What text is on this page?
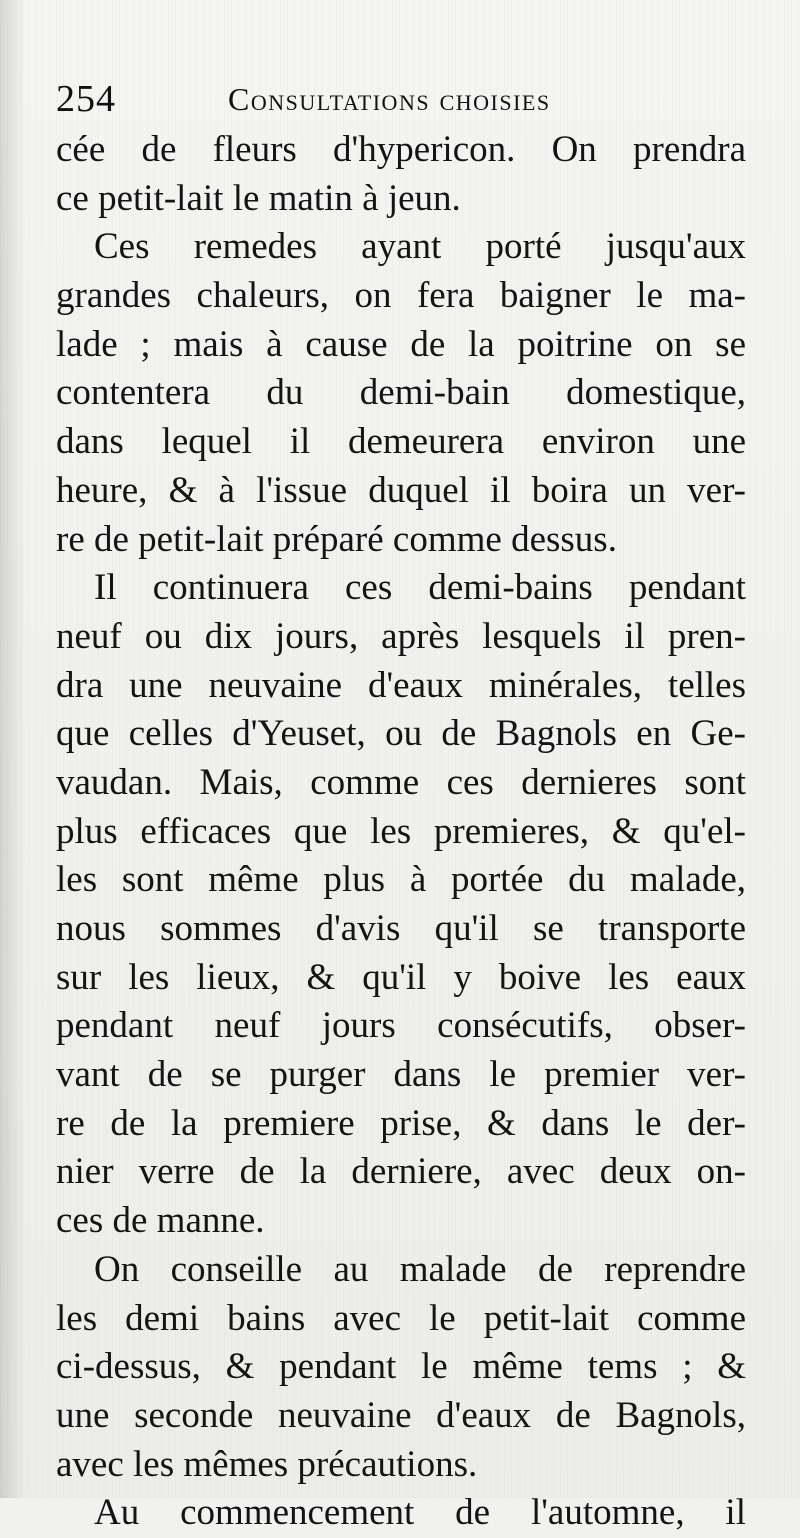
254	Consultations choisies
cée de fleurs d'hypericon. On prendra
ce petit-lait le matin à jeun.
Ces remedes ayant porté jusqu'aux
grandes chaleurs, on fera baigner le ma-
lade ; mais à cause de la poitrine on se
contentera du demi-bain domestique,
dans lequel il demeurera environ une
heure, & à l'issue duquel il boira un ver-
re de petit-lait préparé comme dessus.
Il continuera ces demi-bains pendant
neuf ou dix jours, après lesquels il pren-
dra une neuvaine d'eaux minérales, telles
que celles d'Yeuset, ou de Bagnols en Ge-
vaudan. Mais, comme ces dernieres sont
plus efficaces que les premieres, & qu'el-
les sont même plus à portée du malade,
nous sommes d'avis qu'il se transporte
sur les lieux, & qu'il y boive les eaux
pendant neuf jours consécutifs, obser-
vant de se purger dans le premier ver-
re de la premiere prise, & dans le der-
nier verre de la derniere, avec deux on-
ces de manne.
On conseille au malade de reprendre
les demi bains avec le petit-lait comme
ci-dessus, & pendant le même tems ; &
une seconde neuvaine d'eaux de Bagnols,
avec les mêmes précautions.
Au commencement de l'automne, il
